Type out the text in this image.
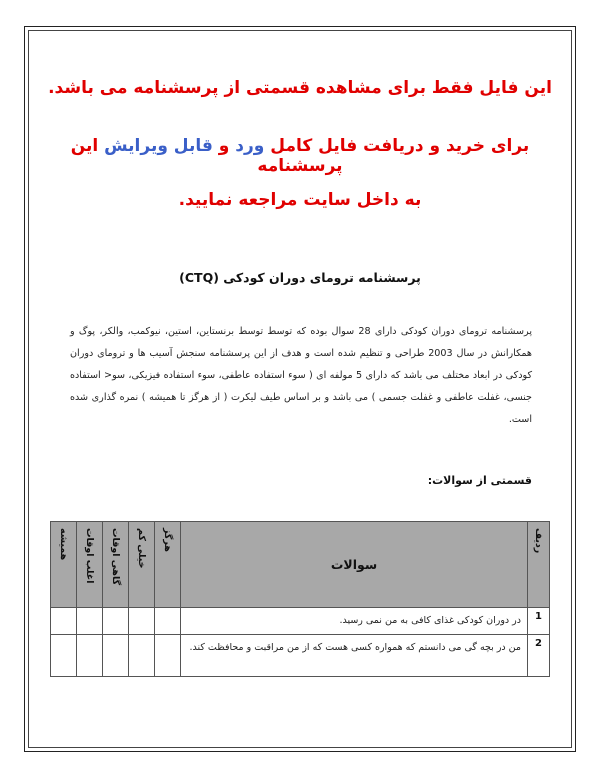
این فایل فقط برای مشاهده قسمتی از پرسشنامه می باشد.
برای خرید و دریافت فایل کامل ورد و قابل ویرایش این پرسشنامه
به داخل سایت مراجعه نمایید.
پرسشنامه ترومای دوران کودکی (CTQ)

پرسشنامه ترومای دوران کودکی دارای 28 سوال بوده که توسط توسط برنستاین، استین، نیوکمب، والکر، پوگ و همکارانش در سال 2003 طراحی و تنظیم شده است و هدف از این پرسشنامه سنجش آسیب ها و ترومای دوران کودکی در ابعاد مختلف می باشد که دارای 5 مولفه ای ( سوء استفاده عاطفی، سوء استفاده فیزیکی، سو< استفاده جنسی، غفلت عاطفی و غفلت جسمی ) می باشد و بر اساس طیف لیکرت ( از هرگز تا همیشه ) نمره گذاری شده است.

قسمتی از سوالات:
ردیف	سوالات	هرگز	خیلی کم	گاهی اوقات	اغلب اوقات	همیشه
1	در دوران کودکی غذای کافی به من نمی رسید.					
2	من در بچه گی می دانستم که همواره کسی هست که از من مراقبت و محافظت کند.					
